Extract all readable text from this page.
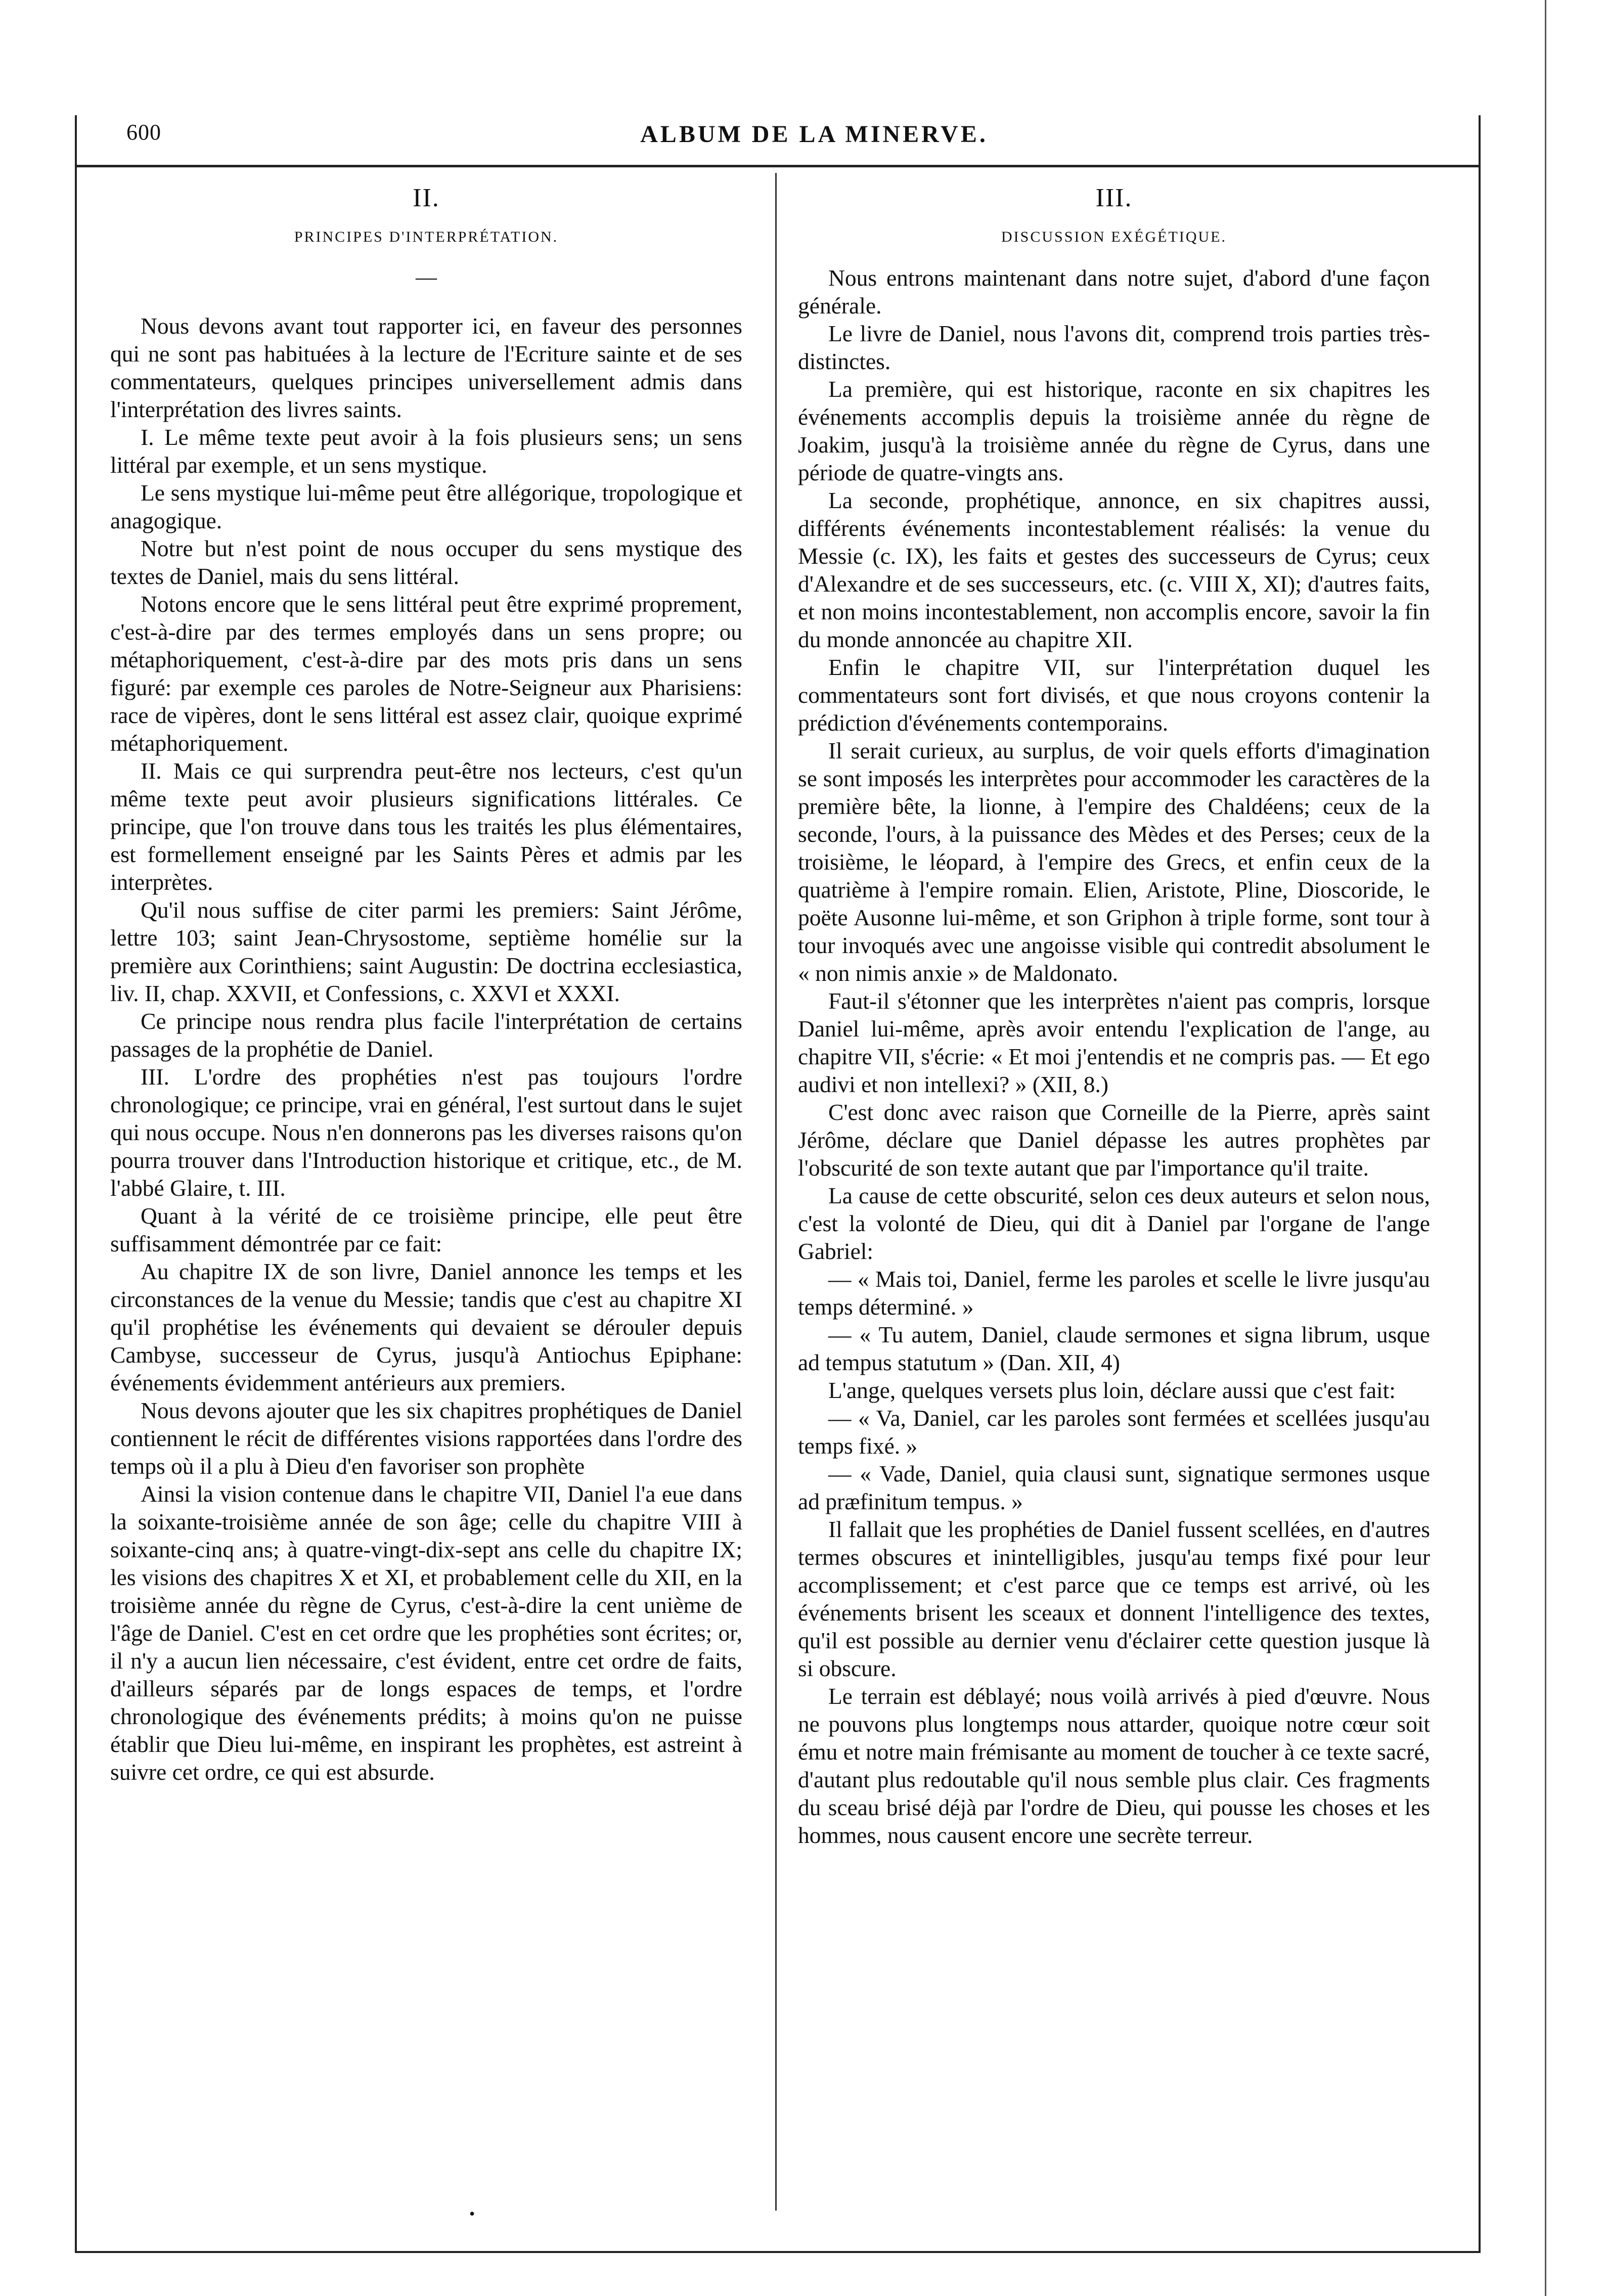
600	ALBUM DE LA MINERVE.
II.
PRINCIPES D'INTERPRÉTATION.
—

Nous devons avant tout rapporter ici, en faveur des personnes qui ne sont pas habituées à la lecture de l'Ecriture sainte et de ses commentateurs, quelques principes universellement admis dans l'interprétation des livres saints.

I. Le même texte peut avoir à la fois plusieurs sens; un sens littéral par exemple, et un sens mystique.

Le sens mystique lui-même peut être allégorique, tropologique et anagogique.

Notre but n'est point de nous occuper du sens mystique des textes de Daniel, mais du sens littéral.

Notons encore que le sens littéral peut être exprimé proprement, c'est-à-dire par des termes employés dans un sens propre; ou métaphoriquement, c'est-à-dire par des mots pris dans un sens figuré: par exemple ces paroles de Notre-Seigneur aux Pharisiens: race de vipères, dont le sens littéral est assez clair, quoique exprimé métaphoriquement.

II. Mais ce qui surprendra peut-être nos lecteurs, c'est qu'un même texte peut avoir plusieurs significations littérales. Ce principe, que l'on trouve dans tous les traités les plus élémentaires, est formellement enseigné par les Saints Pères et admis par les interprètes.

Qu'il nous suffise de citer parmi les premiers: Saint Jérôme, lettre 103; saint Jean-Chrysostome, septième homélie sur la première aux Corinthiens; saint Augustin: De doctrina ecclesiastica, liv. II, chap. XXVII, et Confessions, c. XXVI et XXXI.

Ce principe nous rendra plus facile l'interprétation de certains passages de la prophétie de Daniel.

III. L'ordre des prophéties n'est pas toujours l'ordre chronologique; ce principe, vrai en général, l'est surtout dans le sujet qui nous occupe. Nous n'en donnerons pas les diverses raisons qu'on pourra trouver dans l'Introduction historique et critique, etc., de M. l'abbé Glaire, t. III.

Quant à la vérité de ce troisième principe, elle peut être suffisamment démontrée par ce fait:

Au chapitre IX de son livre, Daniel annonce les temps et les circonstances de la venue du Messie; tandis que c'est au chapitre XI qu'il prophétise les événements qui devaient se dérouler depuis Cambyse, successeur de Cyrus, jusqu'à Antiochus Epiphane: événements évidemment antérieurs aux premiers.

Nous devons ajouter que les six chapitres prophétiques de Daniel contiennent le récit de différentes visions rapportées dans l'ordre des temps où il a plu à Dieu d'en favoriser son prophète

Ainsi la vision contenue dans le chapitre VII, Daniel l'a eue dans la soixante-troisième année de son âge; celle du chapitre VIII à soixante-cinq ans; à quatre-vingt-dix-sept ans celle du chapitre IX; les visions des chapitres X et XI, et probablement celle du XII, en la troisième année du règne de Cyrus, c'est-à-dire la cent unième de l'âge de Daniel. C'est en cet ordre que les prophéties sont écrites; or, il n'y a aucun lien nécessaire, c'est évident, entre cet ordre de faits, d'ailleurs séparés par de longs espaces de temps, et l'ordre chronologique des événements prédits; à moins qu'on ne puisse établir que Dieu lui-même, en inspirant les prophètes, est astreint à suivre cet ordre, ce qui est absurde.

III.
DISCUSSION EXÉGÉTIQUE.

Nous entrons maintenant dans notre sujet, d'abord d'une façon générale.

Le livre de Daniel, nous l'avons dit, comprend trois parties très-distinctes.

La première, qui est historique, raconte en six chapitres les événements accomplis depuis la troisième année du règne de Joakim, jusqu'à la troisième année du règne de Cyrus, dans une période de quatre-vingts ans.

La seconde, prophétique, annonce, en six chapitres aussi, différents événements incontestablement réalisés: la venue du Messie (c. IX), les faits et gestes des successeurs de Cyrus; ceux d'Alexandre et de ses successeurs, etc. (c. VIII X, XI); d'autres faits, et non moins incontestablement, non accomplis encore, savoir la fin du monde annoncée au chapitre XII.

Enfin le chapitre VII, sur l'interprétation duquel les commentateurs sont fort divisés, et que nous croyons contenir la prédiction d'événements contemporains.

Il serait curieux, au surplus, de voir quels efforts d'imagination se sont imposés les interprètes pour accommoder les caractères de la première bête, la lionne, à l'empire des Chaldéens; ceux de la seconde, l'ours, à la puissance des Mèdes et des Perses; ceux de la troisième, le léopard, à l'empire des Grecs, et enfin ceux de la quatrième à l'empire romain. Elien, Aristote, Pline, Dioscoride, le poëte Ausonne lui-même, et son Griphon à triple forme, sont tour à tour invoqués avec une angoisse visible qui contredit absolument le « non nimis anxie » de Maldonato.

Faut-il s'étonner que les interprètes n'aient pas compris, lorsque Daniel lui-même, après avoir entendu l'explication de l'ange, au chapitre VII, s'écrie: « Et moi j'entendis et ne compris pas. — Et ego audivi et non intellexi? » (XII, 8.)

C'est donc avec raison que Corneille de la Pierre, après saint Jérôme, déclare que Daniel dépasse les autres prophètes par l'obscurité de son texte autant que par l'importance qu'il traite.

La cause de cette obscurité, selon ces deux auteurs et selon nous, c'est la volonté de Dieu, qui dit à Daniel par l'organe de l'ange Gabriel:

— « Mais toi, Daniel, ferme les paroles et scelle le livre jusqu'au temps déterminé. »

— « Tu autem, Daniel, claude sermones et signa librum, usque ad tempus statutum » (Dan. XII, 4)

L'ange, quelques versets plus loin, déclare aussi que c'est fait:

— « Va, Daniel, car les paroles sont fermées et scellées jusqu'au temps fixé. »

— « Vade, Daniel, quia clausi sunt, signatique sermones usque ad præfinitum tempus. »

Il fallait que les prophéties de Daniel fussent scellées, en d'autres termes obscures et inintelligibles, jusqu'au temps fixé pour leur accomplissement; et c'est parce que ce temps est arrivé, où les événements brisent les sceaux et donnent l'intelligence des textes, qu'il est possible au dernier venu d'éclairer cette question jusque là si obscure.

Le terrain est déblayé; nous voilà arrivés à pied d'œuvre. Nous ne pouvons plus longtemps nous attarder, quoique notre cœur soit ému et notre main frémisante au moment de toucher à ce texte sacré, d'autant plus redoutable qu'il nous semble plus clair. Ces fragments du sceau brisé déjà par l'ordre de Dieu, qui pousse les choses et les hommes, nous causent encore une secrète terreur.

•
